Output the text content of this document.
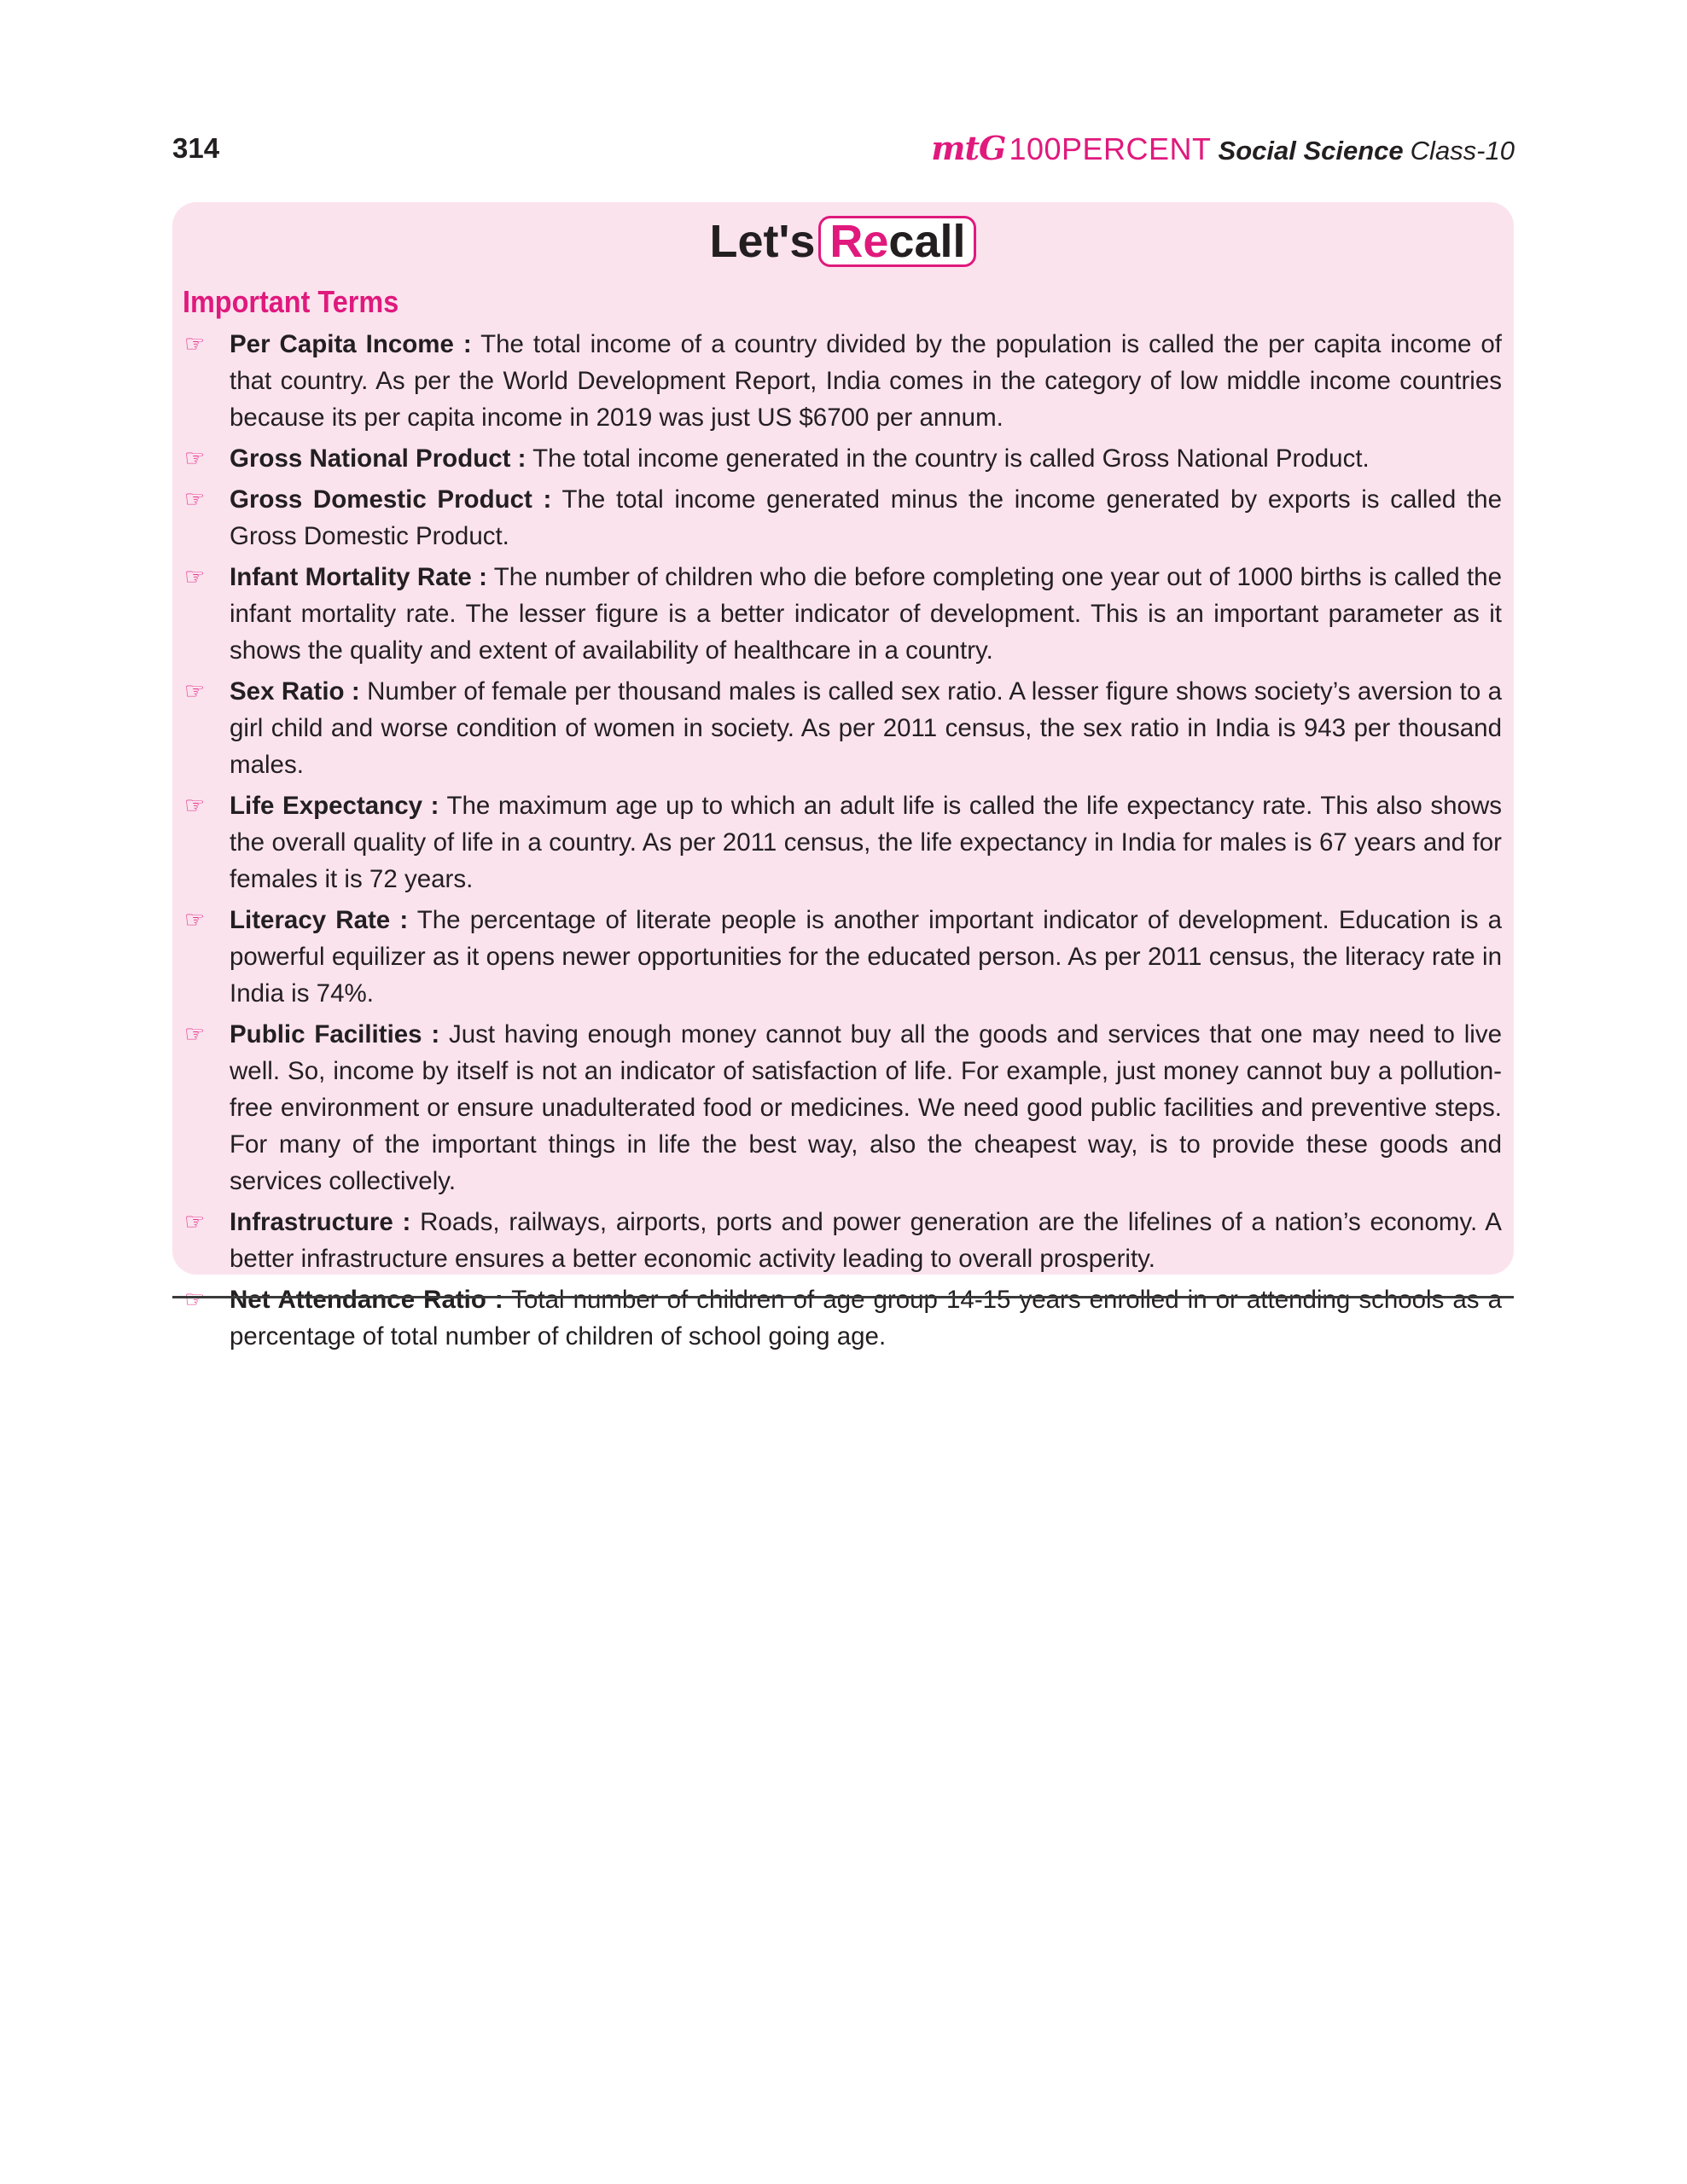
314	mtG 100PERCENT Social Science Class-10
Let's Recall
Important Terms
☞ Per Capita Income : The total income of a country divided by the population is called the per capita income of that country. As per the World Development Report, India comes in the category of low middle income countries because its per capita income in 2019 was just US $6700 per annum.
☞ Gross National Product : The total income generated in the country is called Gross National Product.
☞ Gross Domestic Product : The total income generated minus the income generated by exports is called the Gross Domestic Product.
☞ Infant Mortality Rate : The number of children who die before completing one year out of 1000 births is called the infant mortality rate. The lesser figure is a better indicator of development. This is an important parameter as it shows the quality and extent of availability of healthcare in a country.
☞ Sex Ratio : Number of female per thousand males is called sex ratio. A lesser figure shows society’s aversion to a girl child and worse condition of women in society. As per 2011 census, the sex ratio in India is 943 per thousand males.
☞ Life Expectancy : The maximum age up to which an adult life is called the life expectancy rate. This also shows the overall quality of life in a country. As per 2011 census, the life expectancy in India for males is 67 years and for females it is 72 years.
☞ Literacy Rate : The percentage of literate people is another important indicator of development. Education is a powerful equilizer as it opens newer opportunities for the educated person. As per 2011 census, the literacy rate in India is 74%.
☞ Public Facilities : Just having enough money cannot buy all the goods and services that one may need to live well. So, income by itself is not an indicator of satisfaction of life. For example, just money cannot buy a pollution-free environment or ensure unadulterated food or medicines. We need good public facilities and preventive steps. For many of the important things in life the best way, also the cheapest way, is to provide these goods and services collectively.
☞ Infrastructure : Roads, railways, airports, ports and power generation are the lifelines of a nation’s economy. A better infrastructure ensures a better economic activity leading to overall prosperity.
☞ Net Attendance Ratio : Total number of children of age group 14-15 years enrolled in or attending schools as a percentage of total number of children of school going age.
